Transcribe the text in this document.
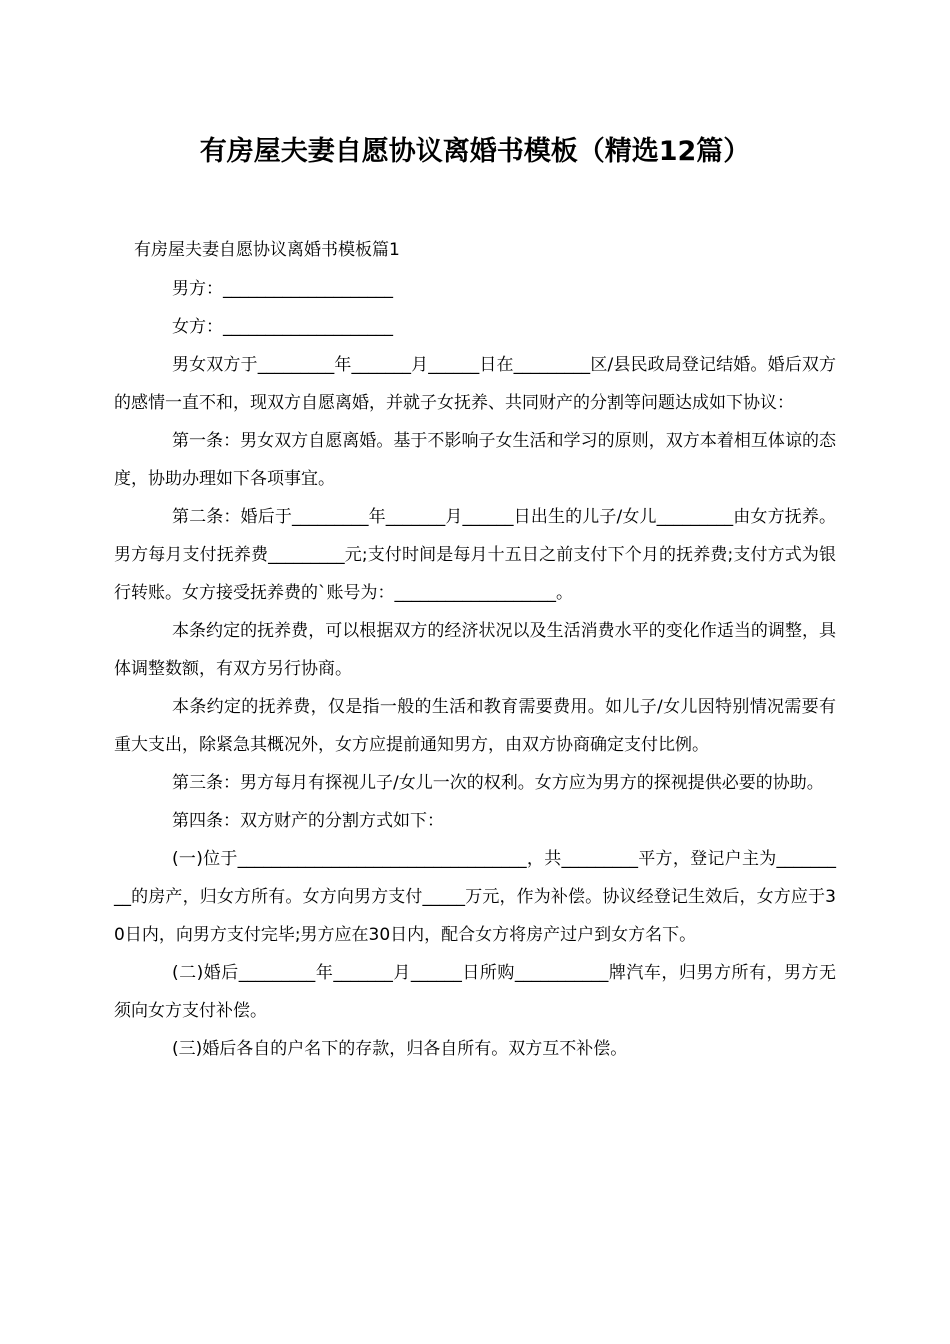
有房屋夫妻自愿协议离婚书模板（精选12篇）
有房屋夫妻自愿协议离婚书模板篇1

男方：____________________

女方：____________________

男女双方于_________年_______月______日在_________区/县民政局登记结婚。婚后双方的感情一直不和，现双方自愿离婚，并就子女抚养、共同财产的分割等问题达成如下协议：

第一条：男女双方自愿离婚。基于不影响子女生活和学习的原则，双方本着相互体谅的态度，协助办理如下各项事宜。

第二条：婚后于_________年_______月______日出生的儿子/女儿_________由女方抚养。男方每月支付抚养费_________元;支付时间是每月十五日之前支付下个月的抚养费;支付方式为银行转账。女方接受抚养费的`账号为：___________________。

本条约定的抚养费，可以根据双方的经济状况以及生活消费水平的变化作适当的调整，具体调整数额，有双方另行协商。

本条约定的抚养费，仅是指一般的生活和教育需要费用。如儿子/女儿因特别情况需要有重大支出，除紧急其概况外，女方应提前通知男方，由双方协商确定支付比例。

第三条：男方每月有探视儿子/女儿一次的权利。女方应为男方的探视提供必要的协助。

第四条：双方财产的分割方式如下：

(一)位于__________________________________，共_________平方，登记户主为_________的房产，归女方所有。女方向男方支付_____万元，作为补偿。协议经登记生效后，女方应于30日内，向男方支付完毕;男方应在30日内，配合女方将房产过户到女方名下。

(二)婚后_________年_______月______日所购___________牌汽车，归男方所有，男方无须向女方支付补偿。

(三)婚后各自的户名下的存款，归各自所有。双方互不补偿。
